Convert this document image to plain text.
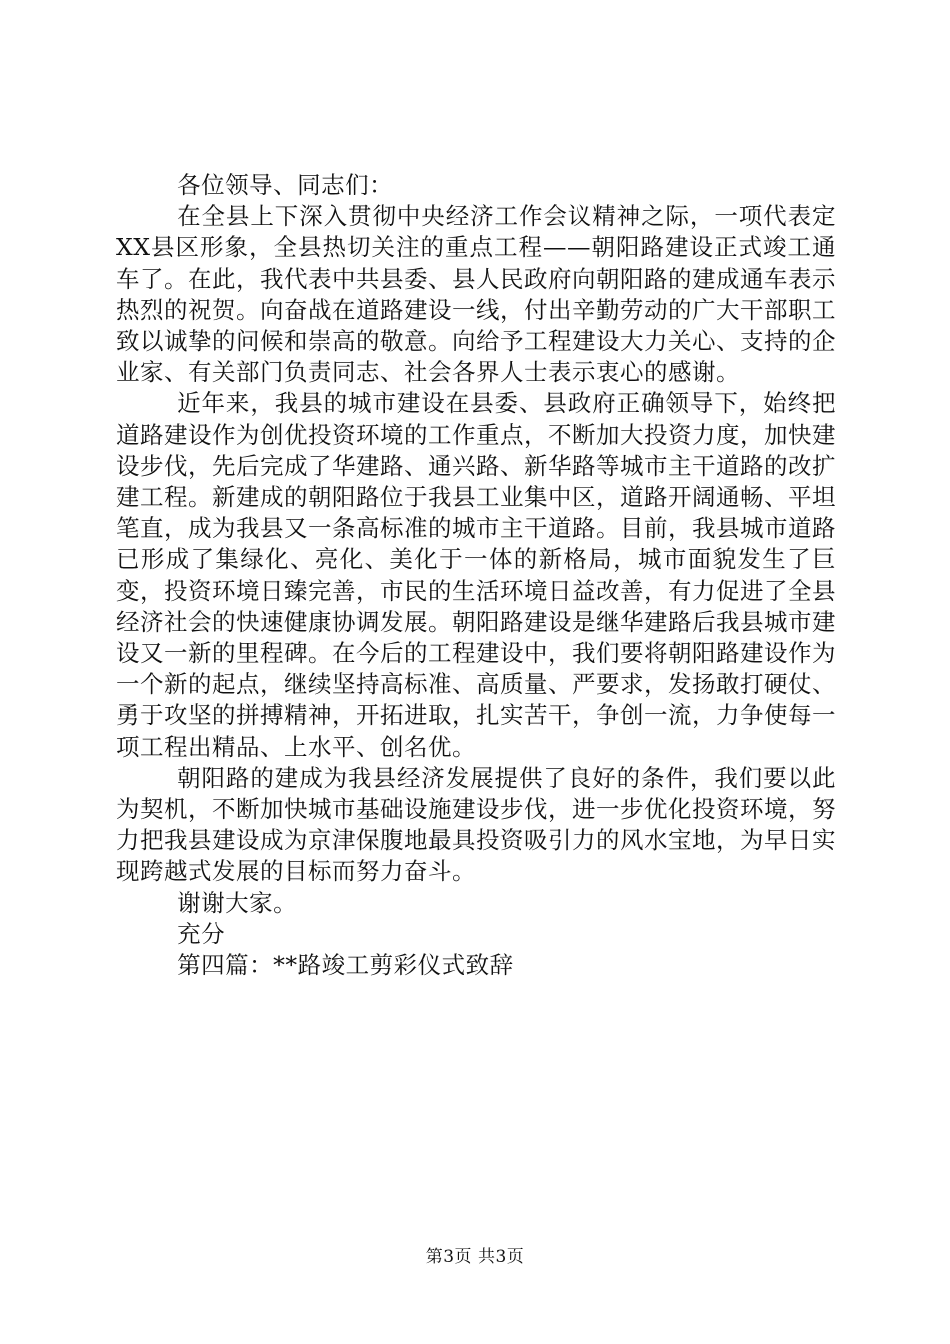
各位领导、同志们：

在全县上下深入贯彻中央经济工作会议精神之际，一项代表定XX县区形象，全县热切关注的重点工程——朝阳路建设正式竣工通车了。在此，我代表中共县委、县人民政府向朝阳路的建成通车表示热烈的祝贺。向奋战在道路建设一线，付出辛勤劳动的广大干部职工致以诚挚的问候和崇高的敬意。向给予工程建设大力关心、支持的企业家、有关部门负责同志、社会各界人士表示衷心的感谢。

近年来，我县的城市建设在县委、县政府正确领导下，始终把道路建设作为创优投资环境的工作重点，不断加大投资力度，加快建设步伐，先后完成了华建路、通兴路、新华路等城市主干道路的改扩建工程。新建成的朝阳路位于我县工业集中区，道路开阔通畅、平坦笔直，成为我县又一条高标准的城市主干道路。目前，我县城市道路已形成了集绿化、亮化、美化于一体的新格局，城市面貌发生了巨变，投资环境日臻完善，市民的生活环境日益改善，有力促进了全县经济社会的快速健康协调发展。朝阳路建设是继华建路后我县城市建设又一新的里程碑。在今后的工程建设中，我们要将朝阳路建设作为一个新的起点，继续坚持高标准、高质量、严要求，发扬敢打硬仗、勇于攻坚的拼搏精神，开拓进取，扎实苦干，争创一流，力争使每一项工程出精品、上水平、创名优。

朝阳路的建成为我县经济发展提供了良好的条件，我们要以此为契机，不断加快城市基础设施建设步伐，进一步优化投资环境，努力把我县建设成为京津保腹地最具投资吸引力的风水宝地，为早日实现跨越式发展的目标而努力奋斗。

谢谢大家。

充分

第四篇：**路竣工剪彩仪式致辞

第3页 共3页
